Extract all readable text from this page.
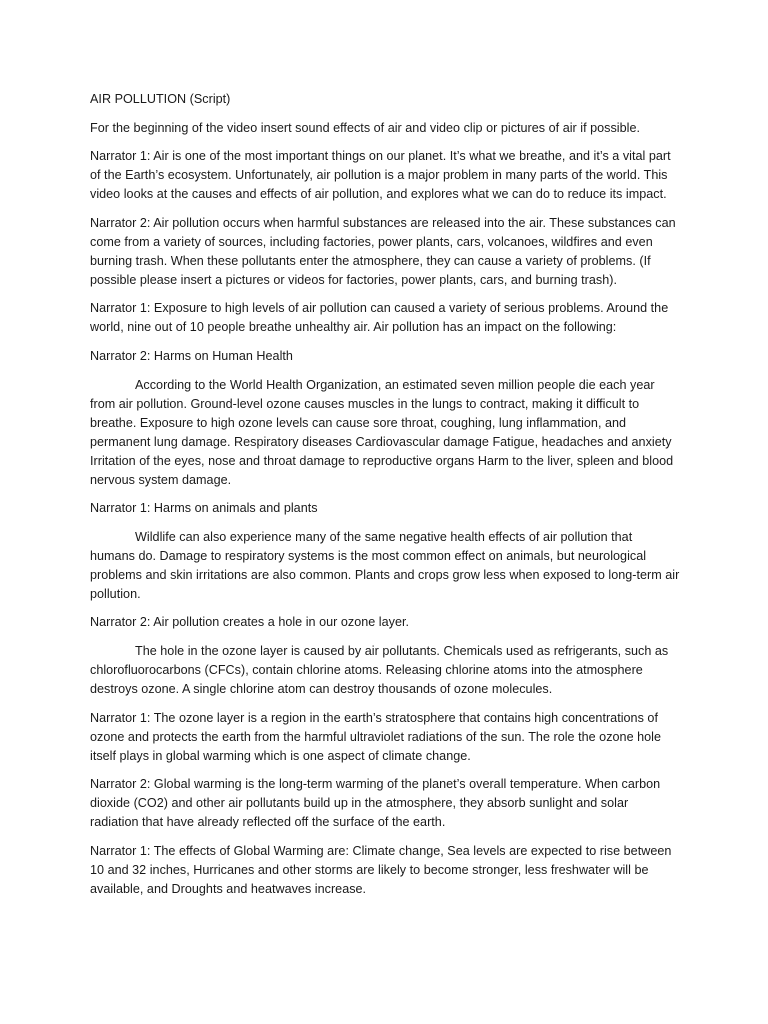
AIR POLLUTION (Script)

For the beginning of the video insert sound effects of air and video clip or pictures of air if possible.

Narrator 1: Air is one of the most important things on our planet. It’s what we breathe, and it’s a vital part of the Earth’s ecosystem. Unfortunately, air pollution is a major problem in many parts of the world. This video looks at the causes and effects of air pollution, and explores what we can do to reduce its impact.

Narrator 2: Air pollution occurs when harmful substances are released into the air. These substances can come from a variety of sources, including factories, power plants, cars, volcanoes, wildfires and even burning trash. When these pollutants enter the atmosphere, they can cause a variety of problems. (If possible please insert a pictures or videos for factories, power plants, cars, and burning trash).

Narrator 1: Exposure to high levels of air pollution can caused a variety of serious problems. Around the world, nine out of 10 people breathe unhealthy air. Air pollution has an impact on the following:

Narrator 2: Harms on Human Health

According to the World Health Organization, an estimated seven million people die each year from air pollution. Ground-level ozone causes muscles in the lungs to contract, making it difficult to breathe. Exposure to high ozone levels can cause sore throat, coughing, lung inflammation, and permanent lung damage. Respiratory diseases Cardiovascular damage Fatigue, headaches and anxiety Irritation of the eyes, nose and throat damage to reproductive organs Harm to the liver, spleen and blood nervous system damage.

Narrator 1: Harms on animals and plants

Wildlife can also experience many of the same negative health effects of air pollution that humans do. Damage to respiratory systems is the most common effect on animals, but neurological problems and skin irritations are also common. Plants and crops grow less when exposed to long-term air pollution.

Narrator 2: Air pollution creates a hole in our ozone layer.

The hole in the ozone layer is caused by air pollutants. Chemicals used as refrigerants, such as chlorofluorocarbons (CFCs), contain chlorine atoms. Releasing chlorine atoms into the atmosphere destroys ozone. A single chlorine atom can destroy thousands of ozone molecules.

Narrator 1: The ozone layer is a region in the earth’s stratosphere that contains high concentrations of ozone and protects the earth from the harmful ultraviolet radiations of the sun. The role the ozone hole itself plays in global warming which is one aspect of climate change.

Narrator 2: Global warming is the long-term warming of the planet’s overall temperature. When carbon dioxide (CO2) and other air pollutants build up in the atmosphere, they absorb sunlight and solar radiation that have already reflected off the surface of the earth.

Narrator 1: The effects of Global Warming are: Climate change, Sea levels are expected to rise between 10 and 32 inches, Hurricanes and other storms are likely to become stronger, less freshwater will be available, and Droughts and heatwaves increase.
